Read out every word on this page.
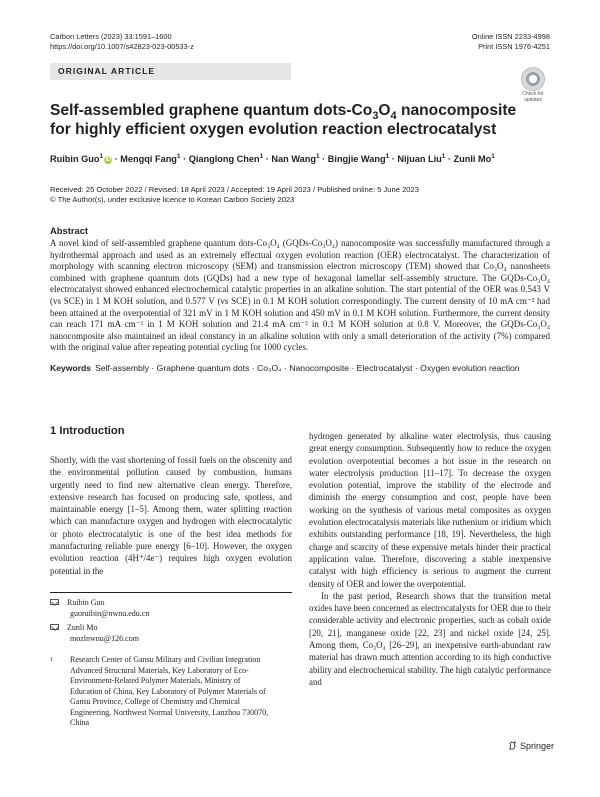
Carbon Letters (2023) 33:1591–1600
https://doi.org/10.1007/s42823-023-00533-z
Online ISSN 2233-4998
Print ISSN 1976-4251
ORIGINAL ARTICLE
Check for
updates
Self-assembled graphene quantum dots-$Co_3O_4$ nanocomposite
for highly efficient oxygen evolution reaction electrocatalyst
Ruibin Guo$^1$iD · Mengqi Fang$^1$ · Qianglong Chen$^1$ · Nan Wang$^1$ · Bingjie Wang$^1$ · Nijuan Liu$^1$ · Zunli Mo$^1$
Received: 25 October 2022 / Revised: 18 April 2023 / Accepted: 19 April 2023 / Published online: 5 June 2023
© The Author(s), under exclusive licence to Korean Carbon Society 2023
Abstract
A novel kind of self-assembled graphene quantum dots-Co₃O₄ (GQDs-Co₃O₄) nanocomposite was successfully manufactured through a hydrothermal approach and used as an extremely effectual oxygen evolution reaction (OER) electrocatalyst. The characterization of morphology with scanning electron microscopy (SEM) and transmission electron microscopy (TEM) showed that Co₃O₄ nanosheets combined with graphene quantum dots (GQDs) had a new type of hexagonal lamellar self-assembly structure. The GQDs-Co₃O₄ electrocatalyst showed enhanced electrochemical catalytic properties in an alkaline solution. The start potential of the OER was 0.543 V (vs SCE) in 1 M KOH solution, and 0.577 V (vs SCE) in 0.1 M KOH solution correspondingly. The current density of 10 mA cm⁻² had been attained at the overpotential of 321 mV in 1 M KOH solution and 450 mV in 0.1 M KOH solution. Furthermore, the current density can reach 171 mA cm⁻² in 1 M KOH solution and 21.4 mA cm⁻² in 0.1 M KOH solution at 0.8 V. Moreover, the GQDs-Co₃O₄ nanocomposite also maintained an ideal constancy in an alkaline solution with only a small deterioration of the activity (7%) compared with the original value after repeating potential cycling for 1000 cycles.
Keywords Self-assembly · Graphene quantum dots · Co₃O₄ · Nanocomposite · Electrocatalyst · Oxygen evolution reaction
1 Introduction

Shortly, with the vast shortening of fossil fuels on the obscenity and the environmental pollution caused by combustion, humans urgently need to find new alternative clean energy. Therefore, extensive research has focused on producing safe, spotless, and maintainable energy [1–5]. Among them, water splitting reaction which can manufacture oxygen and hydrogen with electrocatalytic or photo electrocatalytic is one of the best idea methods for manufacturing reliable pure energy [6–10]. However, the oxygen evolution reaction (4H⁺/4e⁻) requires high oxygen evolution potential in the

hydrogen generated by alkaline water electrolysis, thus causing great energy consumption. Subsequently how to reduce the oxygen evolution overpotential becomes a hot issue in the research on water electrolysis production [11–17]. To decrease the oxygen evolution potential, improve the stability of the electrode and diminish the energy consumption and cost, people have been working on the synthesis of various metal composites as oxygen evolution electrocatalysis materials like ruthenium or iridium which exhibits outstanding performance [18, 19]. Nevertheless, the high charge and scarcity of these expensive metals hinder their practical application value. Therefore, discovering a stable inexpensive catalyst with high efficiency is serious to augment the current density of OER and lower the overpotential.

In the past period, Research shows that the transition metal oxides have been concerned as electrocatalysts for OER due to their considerable activity and electronic properties, such as cobalt oxide [20, 21], manganese oxide [22, 23] and nickel oxide [24, 25]. Among them, Co₃O₄ [26–29], an inexpensive earth-abundant raw material has drawn much attention according to its high conductive ability and electrochemical stability. The high catalytic performance and

Ruibin Guo
guoruibin@nwnu.edu.cn
Zunli Mo
mozlnwnu@126.com
1 Research Center of Gansu Military and Civilian Integration Advanced Structural Materials, Key Laboratory of Eco-Environment-Related Polymer Materials, Ministry of Education of China, Key Laboratory of Polymer Materials of Gansu Province, College of Chemistry and Chemical Engineering, Northwest Normal University, Lanzhou 730070, China
Springer
